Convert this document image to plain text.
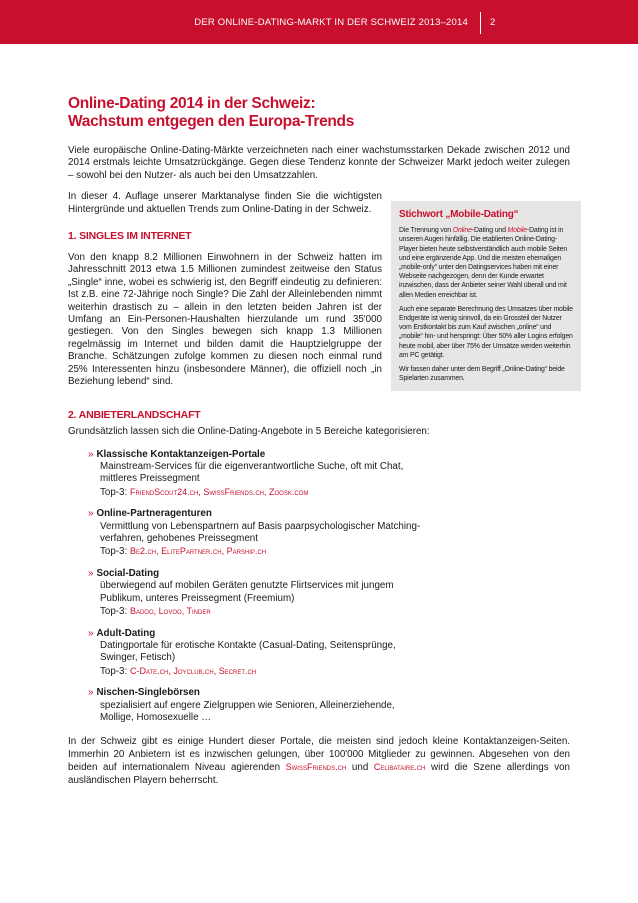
DER ONLINE-DATING-MARKT IN DER SCHWEIZ 2013–2014 2
Online-Dating 2014 in der Schweiz:
Wachstum entgegen den Europa-Trends

Viele europäische Online-Dating-Märkte verzeichneten nach einer wachstumsstarken Dekade zwischen 2012 und 2014 erstmals leichte Umsatzrückgänge. Gegen diese Tendenz konnte der Schweizer Markt jedoch weiter zulegen – sowohl bei den Nutzer- als auch bei den Umsatzzahlen.

In dieser 4. Auflage unserer Marktanalyse finden Sie die wichtigsten Hintergründe und aktuellen Trends zum Online-Dating in der Schweiz.

1. SINGLES IM INTERNET

Von den knapp 8.2 Millionen Einwohnern in der Schweiz hatten im Jahresschnitt 2013 etwa 1.5 Millionen zumindest zeitweise den Status „Single“ inne, wobei es schwierig ist, den Begriff eindeutig zu definieren: Ist z.B. eine 72-Jährige noch Single? Die Zahl der Alleinlebenden nimmt weiterhin drastisch zu – allein in den letzten beiden Jahren ist der Umfang an Ein-Personen-Haushalten hierzulande um rund 35'000 gestiegen. Von den Singles bewegen sich knapp 1.3 Millionen regelmässig im Internet und bilden damit die Hauptzielgruppe der Branche. Schätzungen zufolge kommen zu diesen noch einmal rund 25% Interessenten hinzu (insbesondere Männer), die offiziell noch „in Beziehung lebend“ sind.

2. ANBIETERLANDSCHAFT
Stichwort „Mobile-Dating“

Die Trennung von Online-Dating und Mobile-Dating ist in unseren Augen hinfällig. Die etablierten Online-Dating-Player bieten heute selbstverständlich auch mobile Seiten und eine ergänzende App. Und die meisten ehemaligen „mobile-only“ unter den Datingservices haben mit einer Webseite nachgezogen, denn der Kunde erwartet inzwischen, dass der Anbieter seiner Wahl überall und mit allen Medien erreichbar ist.

Auch eine separate Berechnung des Umsatzes über mobile Endgeräte ist wenig sinnvoll, da ein Grossteil der Nutzer vom Erstkontakt bis zum Kauf zwischen „online“ und „mobile“ hin- und herspringt: Über 50% aller Logins erfolgen heute mobil, aber über 75% der Umsätze werden weiterhin am PC getätigt.

Wir fassen daher unter dem Begriff „Online-Dating“ beide Spielarten zusammen.

Grundsätzlich lassen sich die Online-Dating-Angebote in 5 Bereiche kategorisieren:

» Klassische Kontaktanzeigen-Portale
Mainstream-Services für die eigenverantwortliche Suche, oft mit Chat,
mittleres Preissegment
Top-3: FriendScout24.ch, SwissFriends.ch, Zoosk.com
» Online-Partneragenturen
Vermittlung von Lebenspartnern auf Basis paarpsychologischer Matching-
verfahren, gehobenes Preissegment
Top-3: Be2.ch, ElitePartner.ch, Parship.ch
» Social-Dating
überwiegend auf mobilen Geräten genutzte Flirtservices mit jungem
Publikum, unteres Preissegment (Freemium)
Top-3: Badoo, Lovoo, Tinder
» Adult-Dating
Datingportale für erotische Kontakte (Casual-Dating, Seitensprünge,
Swinger, Fetisch)
Top-3: C-Date.ch, Joyclub.ch, Secret.ch
» Nischen-Singlebörsen
spezialisiert auf engere Zielgruppen wie Senioren, Alleinerziehende,
Mollige, Homosexuelle …

In der Schweiz gibt es einige Hundert dieser Portale, die meisten sind jedoch kleine Kontaktanzeigen-Seiten. Immerhin 20 Anbietern ist es inzwischen gelungen, über 100'000 Mitglieder zu gewinnen. Abgesehen von den beiden auf internationalem Niveau agierenden SwissFriends.ch und Celibataire.ch wird die Szene allerdings von ausländischen Playern beherrscht.
